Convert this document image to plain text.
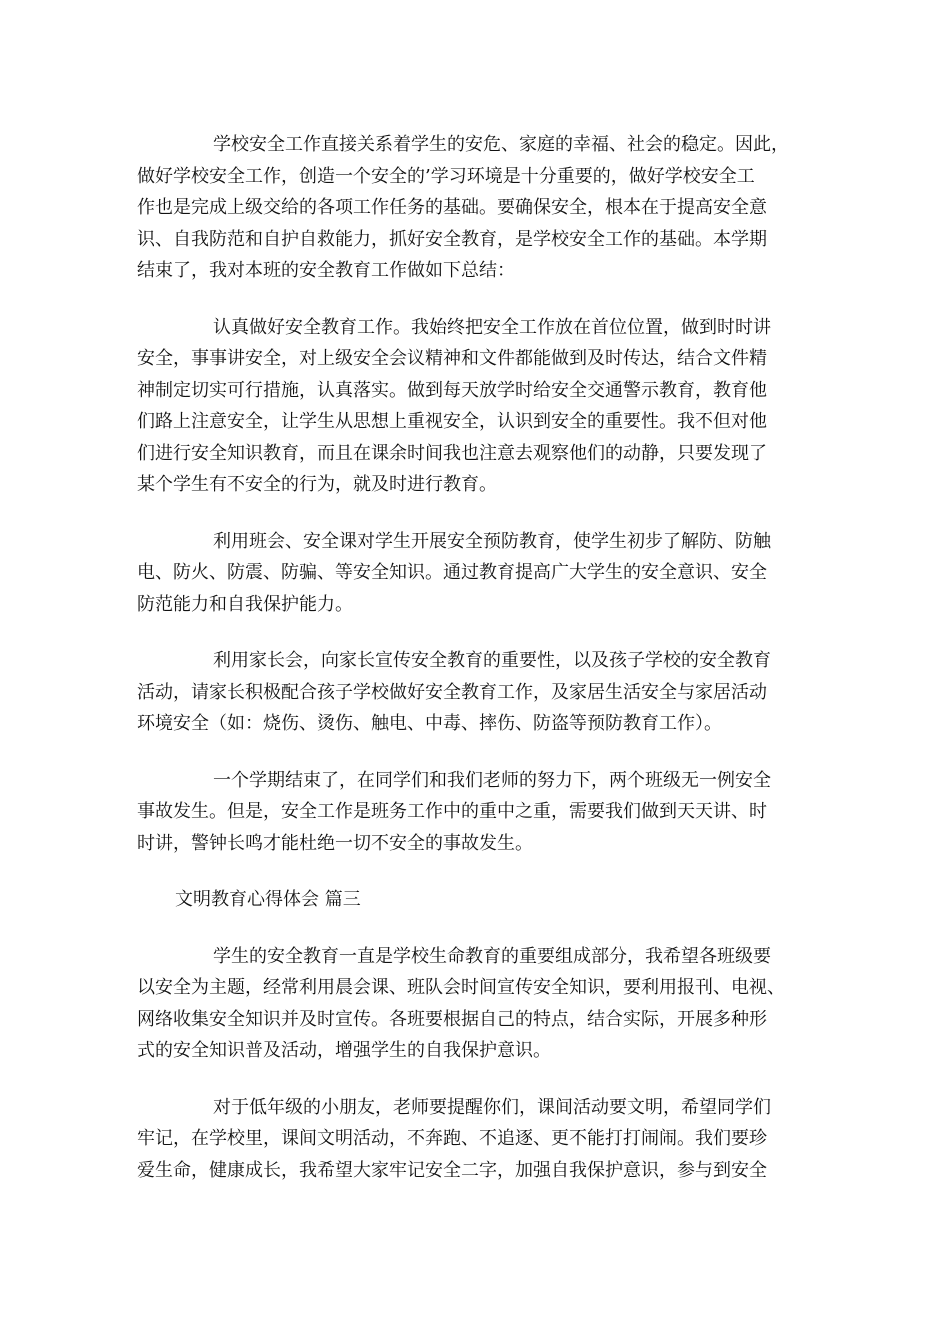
学校安全工作直接关系着学生的安危、家庭的幸福、社会的稳定。因此，
做好学校安全工作，创造一个安全的’学习环境是十分重要的，做好学校安全工
作也是完成上级交给的各项工作任务的基础。要确保安全，根本在于提高安全意
识、自我防范和自护自救能力，抓好安全教育，是学校安全工作的基础。本学期
结束了，我对本班的安全教育工作做如下总结：
认真做好安全教育工作。我始终把安全工作放在首位位置，做到时时讲
安全，事事讲安全，对上级安全会议精神和文件都能做到及时传达，结合文件精
神制定切实可行措施，认真落实。做到每天放学时给安全交通警示教育，教育他
们路上注意安全，让学生从思想上重视安全，认识到安全的重要性。我不但对他
们进行安全知识教育，而且在课余时间我也注意去观察他们的动静，只要发现了
某个学生有不安全的行为，就及时进行教育。
利用班会、安全课对学生开展安全预防教育，使学生初步了解防、防触
电、防火、防震、防骗、等安全知识。通过教育提高广大学生的安全意识、安全
防范能力和自我保护能力。
利用家长会，向家长宣传安全教育的重要性，以及孩子学校的安全教育
活动，请家长积极配合孩子学校做好安全教育工作，及家居生活安全与家居活动
环境安全（如：烧伤、烫伤、触电、中毒、摔伤、防盗等预防教育工作）。
一个学期结束了，在同学们和我们老师的努力下，两个班级无一例安全
事故发生。但是，安全工作是班务工作中的重中之重，需要我们做到天天讲、时
时讲，警钟长鸣才能杜绝一切不安全的事故发生。
文明教育心得体会 篇三
学生的安全教育一直是学校生命教育的重要组成部分，我希望各班级要
以安全为主题，经常利用晨会课、班队会时间宣传安全知识，要利用报刊、电视、
网络收集安全知识并及时宣传。各班要根据自己的特点，结合实际，开展多种形
式的安全知识普及活动，增强学生的自我保护意识。
对于低年级的小朋友，老师要提醒你们，课间活动要文明，希望同学们
牢记，在学校里，课间文明活动，不奔跑、不追逐、更不能打打闹闹。我们要珍
爱生命，健康成长，我希望大家牢记安全二字，加强自我保护意识，参与到安全
